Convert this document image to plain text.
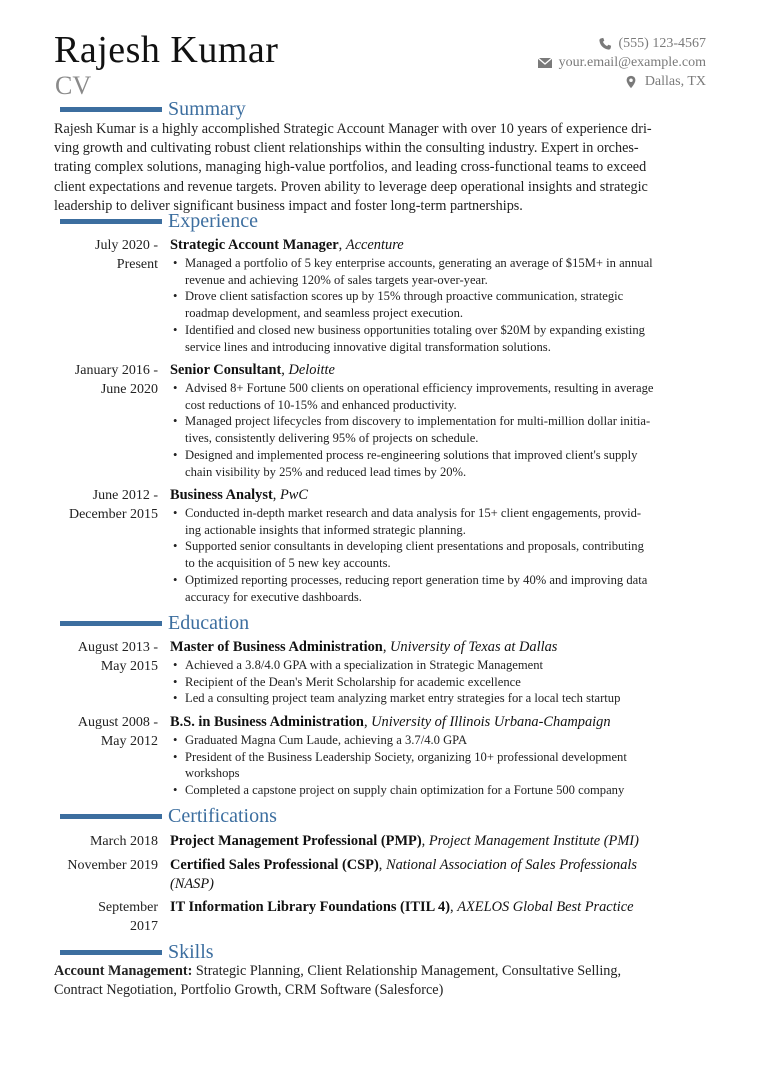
Rajesh Kumar
CV
(555) 123-4567
your.email@example.com
Dallas, TX
Summary
Rajesh Kumar is a highly accomplished Strategic Account Manager with over 10 years of experience dri-
ving growth and cultivating robust client relationships within the consulting industry. Expert in orches-
trating complex solutions, managing high-value portfolios, and leading cross-functional teams to exceed
client expectations and revenue targets. Proven ability to leverage deep operational insights and strategic
leadership to deliver significant business impact and foster long-term partnerships.
Experience
July 2020 -
Present
Strategic Account Manager, Accenture
• Managed a portfolio of 5 key enterprise accounts, generating an average of $15M+ in annual
revenue and achieving 120% of sales targets year-over-year.
• Drove client satisfaction scores up by 15% through proactive communication, strategic
roadmap development, and seamless project execution.
• Identified and closed new business opportunities totaling over $20M by expanding existing
service lines and introducing innovative digital transformation solutions.
January 2016 -
June 2020
Senior Consultant, Deloitte
• Advised 8+ Fortune 500 clients on operational efficiency improvements, resulting in average
cost reductions of 10-15% and enhanced productivity.
• Managed project lifecycles from discovery to implementation for multi-million dollar initia-
tives, consistently delivering 95% of projects on schedule.
• Designed and implemented process re-engineering solutions that improved client's supply
chain visibility by 25% and reduced lead times by 20%.
June 2012 -
December 2015
Business Analyst, PwC
• Conducted in-depth market research and data analysis for 15+ client engagements, provid-
ing actionable insights that informed strategic planning.
• Supported senior consultants in developing client presentations and proposals, contributing
to the acquisition of 5 new key accounts.
• Optimized reporting processes, reducing report generation time by 40% and improving data
accuracy for executive dashboards.
Education
August 2013 -
May 2015
Master of Business Administration, University of Texas at Dallas
• Achieved a 3.8/4.0 GPA with a specialization in Strategic Management
• Recipient of the Dean's Merit Scholarship for academic excellence
• Led a consulting project team analyzing market entry strategies for a local tech startup
August 2008 -
May 2012
B.S. in Business Administration, University of Illinois Urbana-Champaign
• Graduated Magna Cum Laude, achieving a 3.7/4.0 GPA
• President of the Business Leadership Society, organizing 10+ professional development
workshops
• Completed a capstone project on supply chain optimization for a Fortune 500 company
Certifications
March 2018 Project Management Professional (PMP), Project Management Institute (PMI)
November 2019 Certified Sales Professional (CSP), National Association of Sales Professionals
(NASP)
September
2017
IT Information Library Foundations (ITIL 4), AXELOS Global Best Practice
Skills
Account Management: Strategic Planning, Client Relationship Management, Consultative Selling,
Contract Negotiation, Portfolio Growth, CRM Software (Salesforce)
